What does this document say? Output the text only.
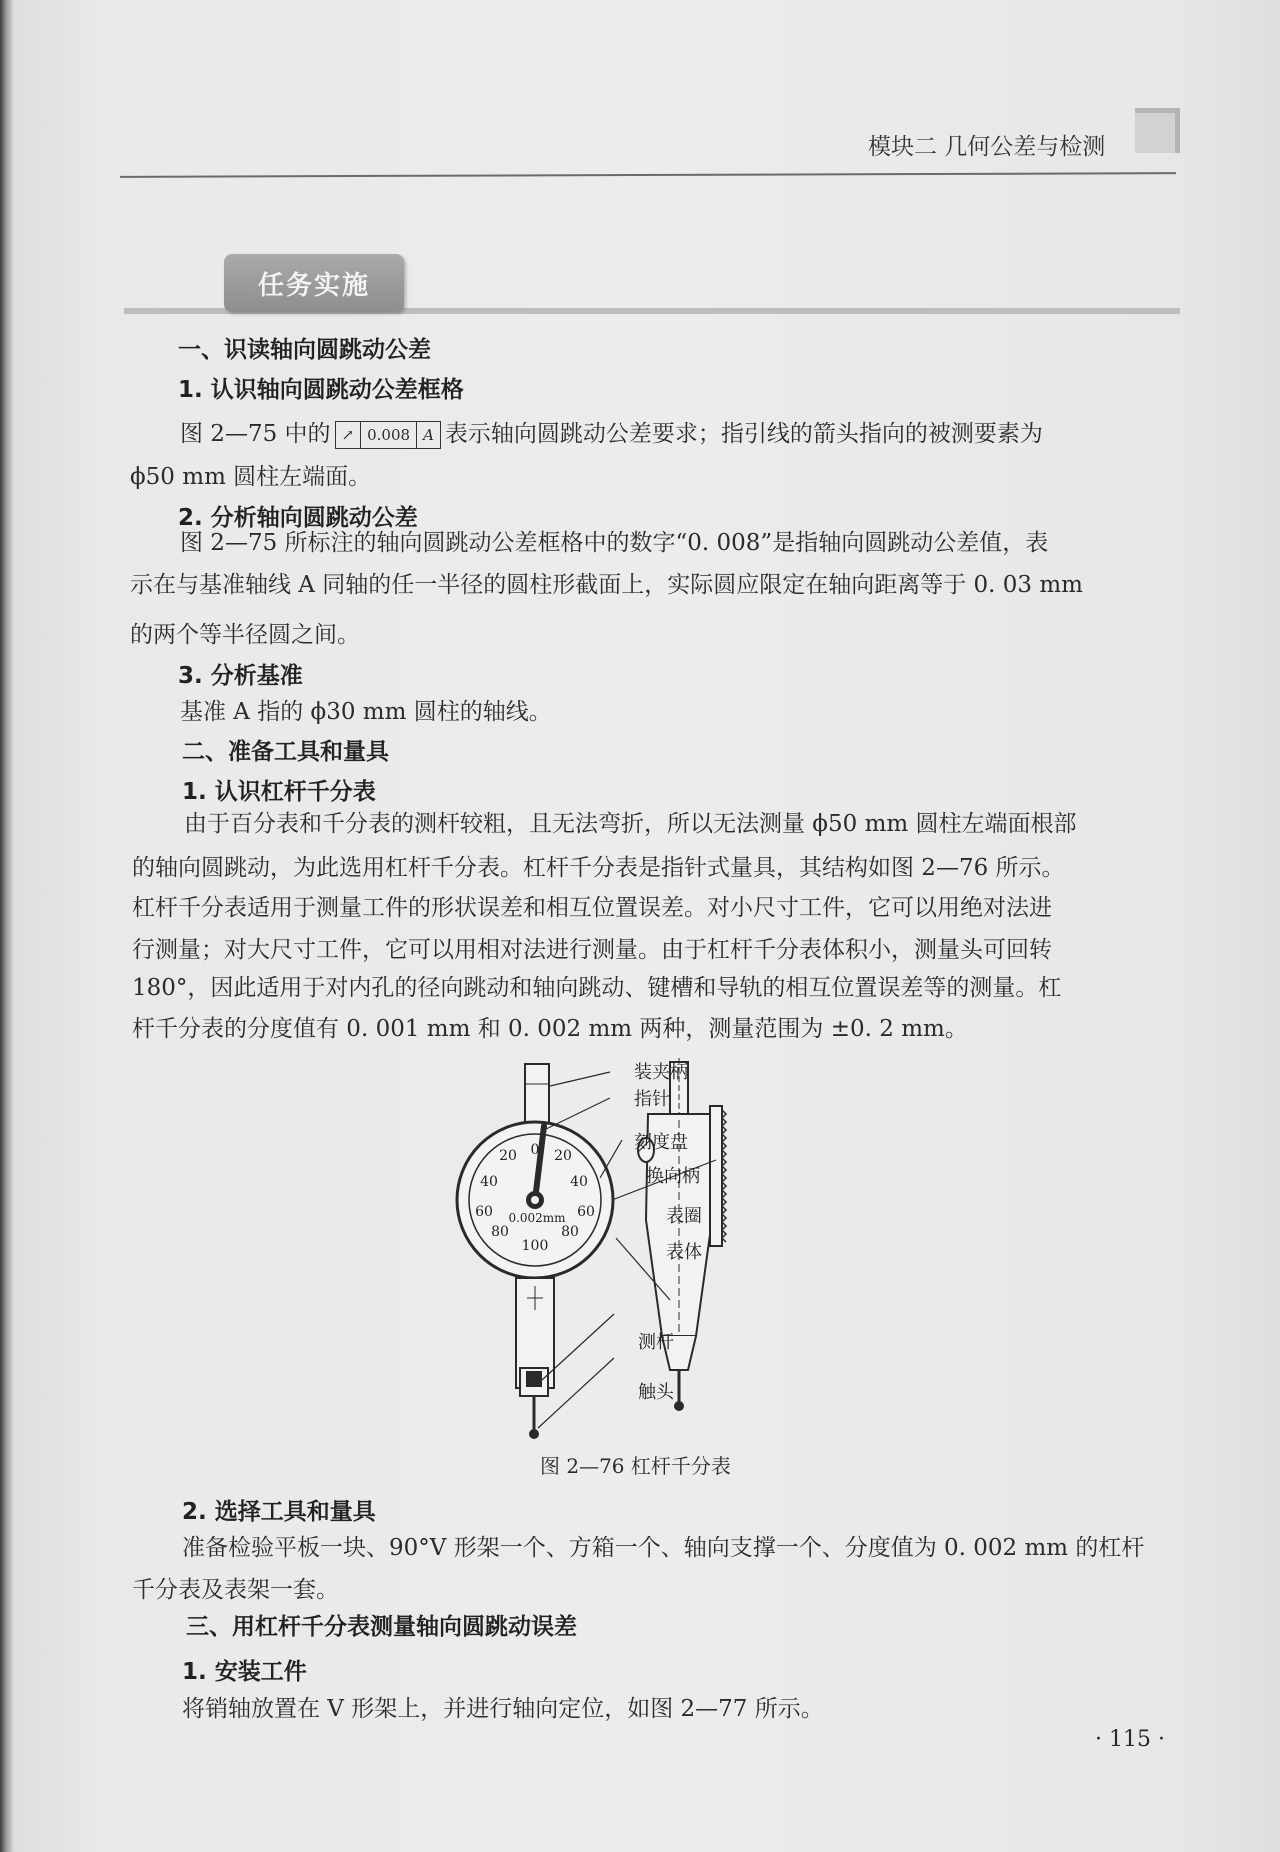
模块二 几何公差与检测
任务实施
一、识读轴向圆跳动公差
1. 认识轴向圆跳动公差框格
图 2—75 中的 ↗ 0.008 A 表示轴向圆跳动公差要求；指引线的箭头指向的被测要素为
ϕ50 mm 圆柱左端面。
2. 分析轴向圆跳动公差
图 2—75 所标注的轴向圆跳动公差框格中的数字“0. 008”是指轴向圆跳动公差值，表
示在与基准轴线 A 同轴的任一半径的圆柱形截面上，实际圆应限定在轴向距离等于 0. 03 mm
的两个等半径圆之间。
3. 分析基准
基准 A 指的 ϕ30 mm 圆柱的轴线。
二、准备工具和量具
1. 认识杠杆千分表
由于百分表和千分表的测杆较粗，且无法弯折，所以无法测量 ϕ50 mm 圆柱左端面根部
的轴向圆跳动，为此选用杠杆千分表。杠杆千分表是指针式量具，其结构如图 2—76 所示。
杠杆千分表适用于测量工件的形状误差和相互位置误差。对小尺寸工件，它可以用绝对法进
行测量；对大尺寸工件，它可以用相对法进行测量。由于杠杆千分表体积小，测量头可回转
180°，因此适用于对内孔的径向跳动和轴向跳动、键槽和导轨的相互位置误差等的测量。杠
杆千分表的分度值有 0. 001 mm 和 0. 002 mm 两种，测量范围为 ±0. 2 mm。
0
20	20
40	40
60	60
80	80
100
0.002mm
装夹柄
指针
刻度盘
换向柄
表圈
表体
测杆
触头
图 2—76 杠杆千分表
2. 选择工具和量具
准备检验平板一块、90°V 形架一个、方箱一个、轴向支撑一个、分度值为 0. 002 mm 的杠杆
千分表及表架一套。
三、用杠杆千分表测量轴向圆跳动误差
1. 安装工件
将销轴放置在 V 形架上，并进行轴向定位，如图 2—77 所示。
· 115 ·
